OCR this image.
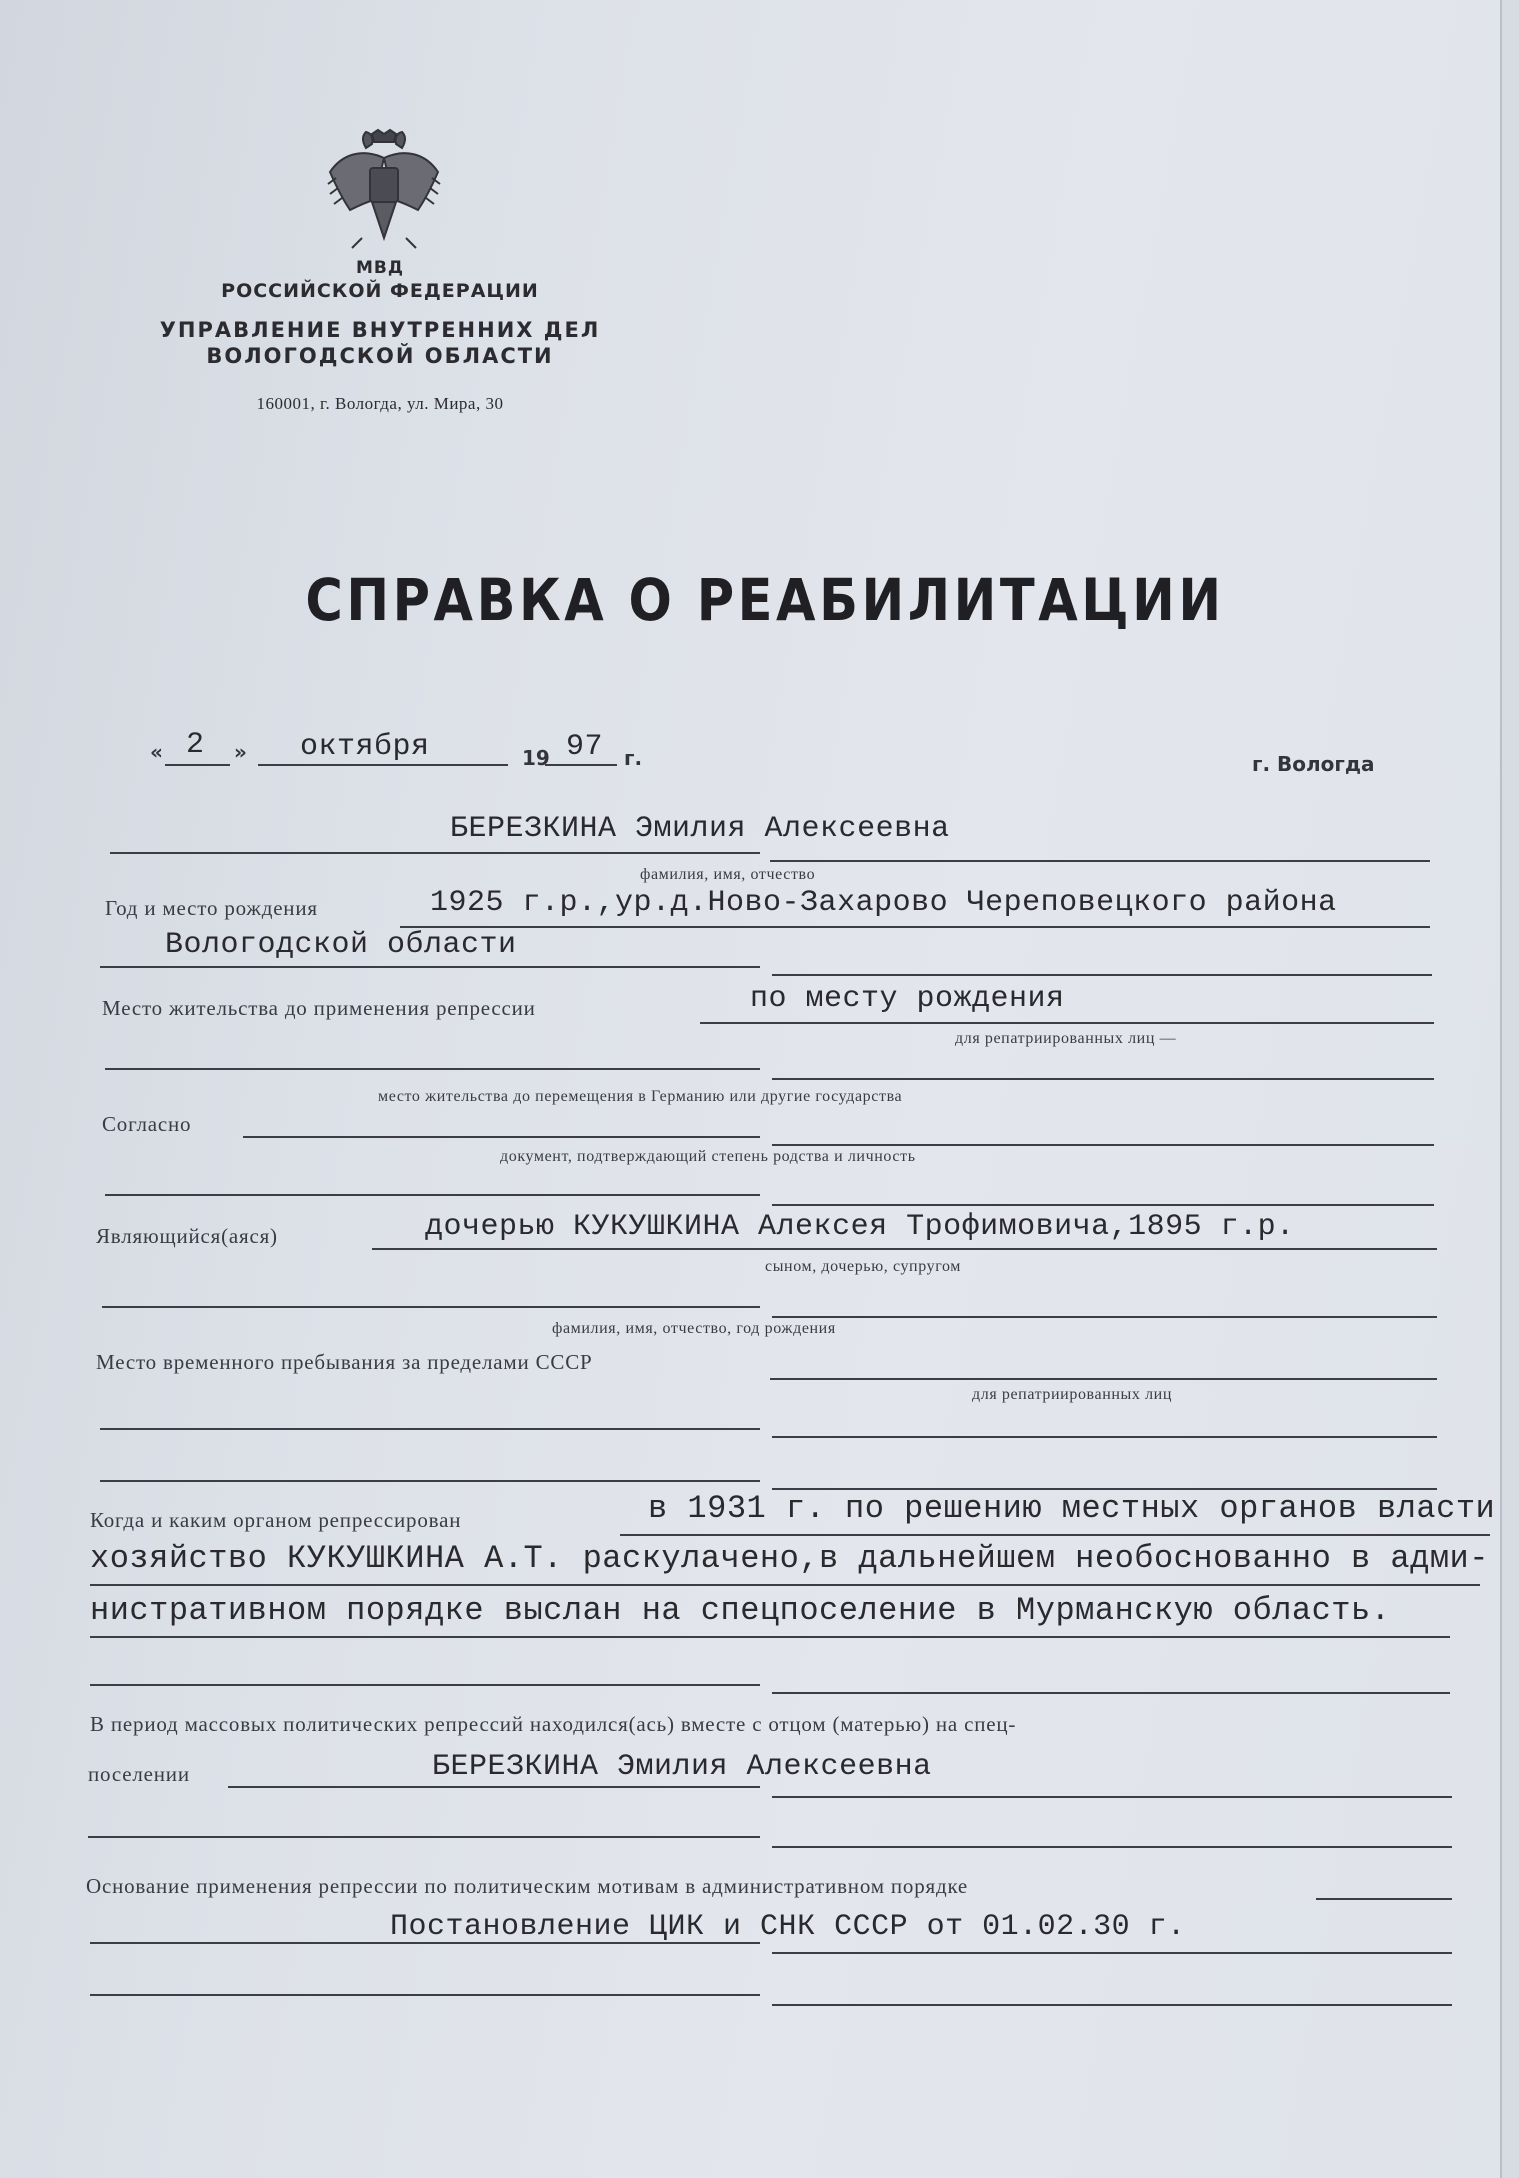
МВД
РОССИЙСКОЙ ФЕДЕРАЦИИ
УПРАВЛЕНИЕ ВНУТРЕННИХ ДЕЛ
ВОЛОГОДСКОЙ ОБЛАСТИ
160001, г. Вологда, ул. Мира, 30
СПРАВКА О РЕАБИЛИТАЦИИ
« 2 » октября	19 97 г.	г. Вологда
БЕРЕЗКИНА Эмилия Алексеевна
фамилия, имя, отчество
Год и место рождения	1925 г.р.,ур.д.Ново-Захарово Череповецкого района
Вологодской области
Место жительства до применения репрессии	по месту рождения
для репатриированных лиц —
место жительства до перемещения в Германию или другие государства
Согласно
документ, подтверждающий степень родства и личность
Являющийся(аяся)	дочерью КУКУШКИНА Алексея Трофимовича,1895 г.р.
сыном, дочерью, супругом
фамилия, имя, отчество, год рождения
Место временного пребывания за пределами СССР
для репатриированных лиц
Когда и каким органом репрессирован	в 1931 г. по решению местных органов власти
хозяйство КУКУШКИНА А.Т. раскулачено,в дальнейшем необоснованно в адми-
нистративном порядке выслан на спецпоселение в Мурманскую область.
В период массовых политических репрессий находился(ась) вместе с отцом (матерью) на спец-
поселении	БЕРЕЗКИНА Эмилия Алексеевна
Основание применения репрессии по политическим мотивам в административном порядке
Постановление ЦИК и СНК СССР от 01.02.30 г.
